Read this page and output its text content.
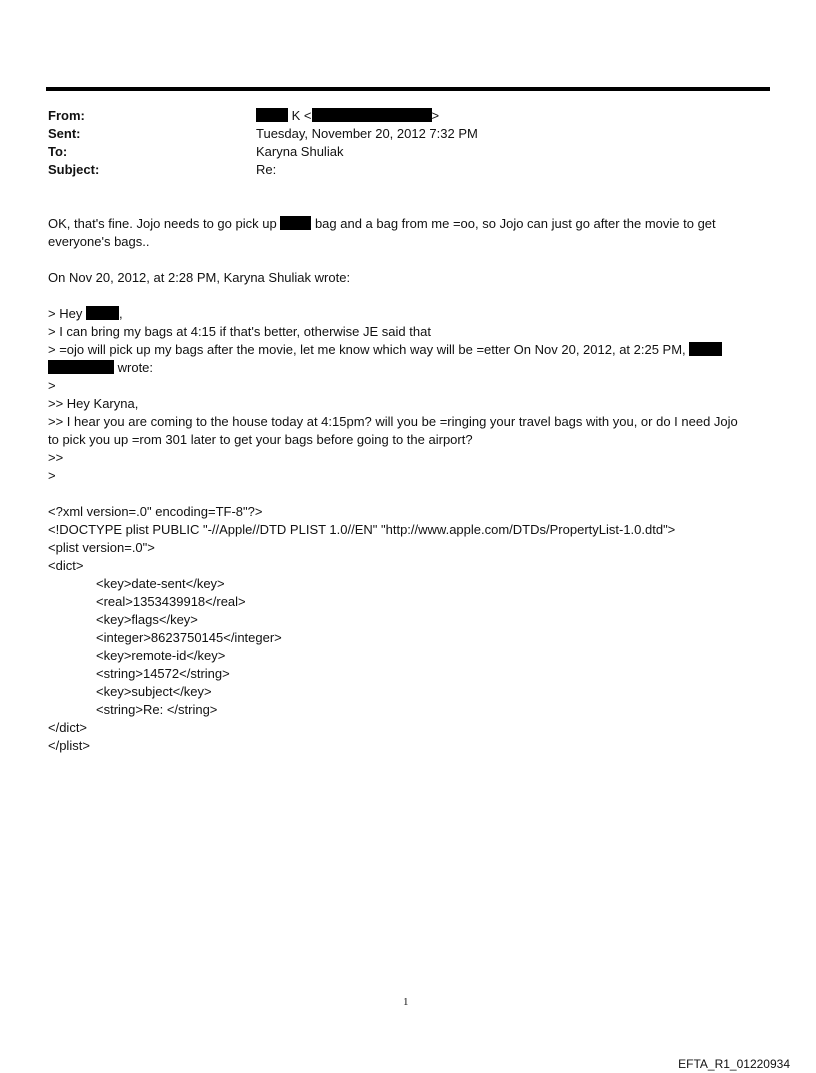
From:	K <	>
Sent:	Tuesday, November 20, 2012 7:32 PM
To:	Karyna Shuliak
Subject:	Re:
OK, that's fine. Jojo needs to go pick up	bag and a bag from me =oo, so Jojo can just go after the movie to get
everyone's bags..
On Nov 20, 2012, at 2:28 PM, Karyna Shuliak wrote:
> Hey	,
> I can bring my bags at 4:15 if that's better, otherwise JE said that
> =ojo will pick up my bags after the movie, let me know which way will be =etter On Nov 20, 2012, at 2:25 PM,
wrote:
>
>> Hey Karyna,
>> I hear you are coming to the house today at 4:15pm? will you be =ringing your travel bags with you, or do I need Jojo
to pick you up =rom 301 later to get your bags before going to the airport?
>>
>
<?xml version=.0" encoding=TF-8"?>
<!DOCTYPE plist PUBLIC "-//Apple//DTD PLIST 1.0//EN" "http://www.apple.com/DTDs/PropertyList-1.0.dtd">
<plist version=.0">
<dict>
<key>date-sent</key>
<real>1353439918</real>
<key>flags</key>
<integer>8623750145</integer>
<key>remote-id</key>
<string>14572</string>
<key>subject</key>
<string>Re: </string>
</dict>
</plist>
1
EFTA_R1_01220934
